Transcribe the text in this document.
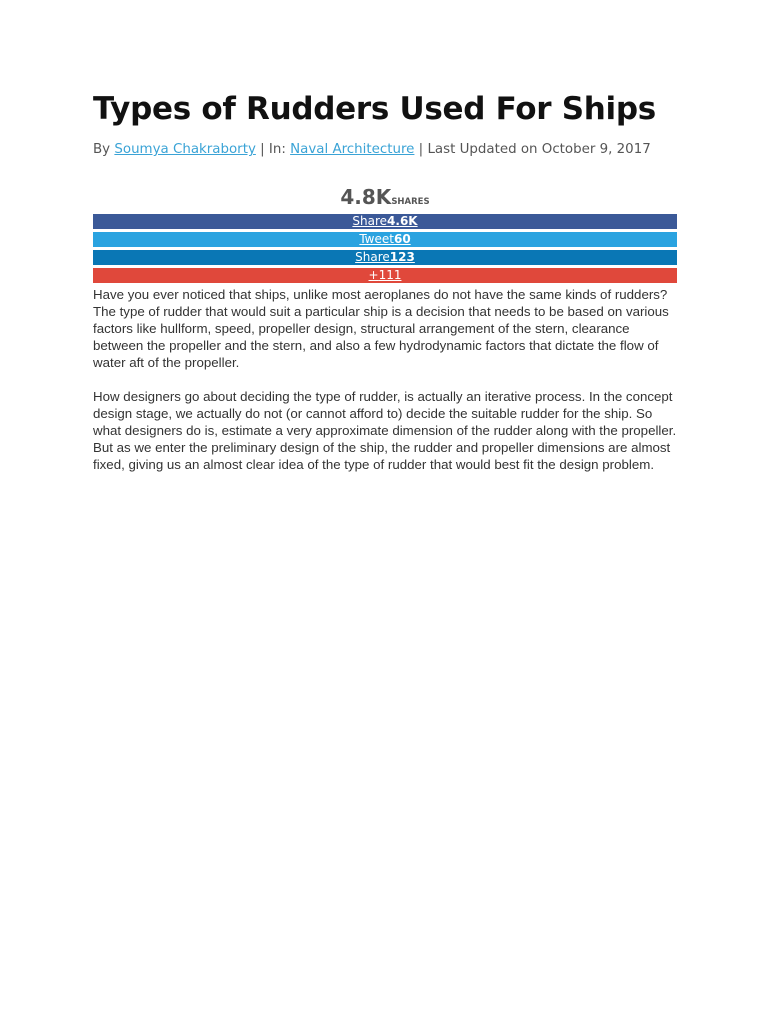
Types of Rudders Used For Ships
By Soumya Chakraborty | In: Naval Architecture | Last Updated on October 9, 2017
4.8KSHARES
Share4.6K
Tweet60
Share123
+111

Have you ever noticed that ships, unlike most aeroplanes do not have the same kinds of rudders? The type of rudder that would suit a particular ship is a decision that needs to be based on various factors like hullform, speed, propeller design, structural arrangement of the stern, clearance between the propeller and the stern, and also a few hydrodynamic factors that dictate the flow of water aft of the propeller.

How designers go about deciding the type of rudder, is actually an iterative process. In the concept design stage, we actually do not (or cannot afford to) decide the suitable rudder for the ship. So what designers do is, estimate a very approximate dimension of the rudder along with the propeller. But as we enter the preliminary design of the ship, the rudder and propeller dimensions are almost fixed, giving us an almost clear idea of the type of rudder that would best fit the design problem.
